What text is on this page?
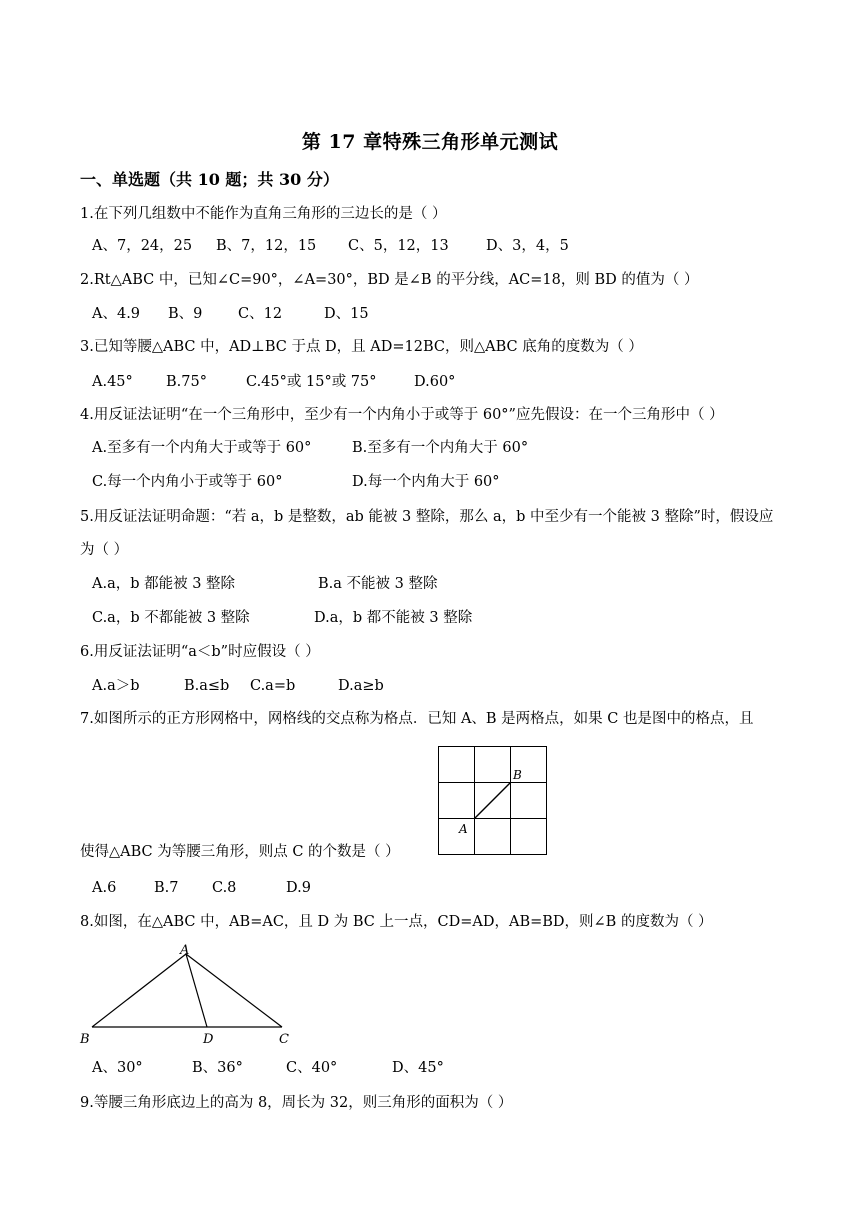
第 17 章特殊三角形单元测试
一、单选题（共 10 题；共 30 分）
1.在下列几组数中不能作为直角三角形的三边长的是（ ）
A、7，24，25 B、7，12，15 C、5，12，13	D、3，4，5
2.Rt△ABC 中，已知∠C=90°，∠A=30°，BD 是∠B 的平分线，AC=18，则 BD 的值为（ ）
A、4.9 B、9 C、12	D、15
3.已知等腰△ABC 中，AD⊥BC 于点 D，且 AD=12BC，则△ABC 底角的度数为（ ）
A.45° B.75°	C.45°或 15°或 75°	D.60°
4.用反证法证明“在一个三角形中，至少有一个内角小于或等于 60°”应先假设：在一个三角形中（ ）
A.至多有一个内角大于或等于 60°	B.至多有一个内角大于 60°
C.每一个内角小于或等于 60°	D.每一个内角大于 60°
5.用反证法证明命题：“若 a，b 是整数，ab 能被 3 整除，那么 a，b 中至少有一个能被 3 整除”时，假设应
为（ ）
A.a，b 都能被 3 整除	B.a 不能被 3 整除
C.a，b 不都能被 3 整除	D.a，b 都不能被 3 整除
6.用反证法证明“a＜b”时应假设（ ）
A.a＞b	B.a≤b C.a=b	D.a≥b
7.如图所示的正方形网格中，网格线的交点称为格点．已知 A、B 是两格点，如果 C 也是图中的格点，且
B
A
使得△ABC 为等腰三角形，则点 C 的个数是（ ）
A.6	B.7 C.8	D.9
8.如图，在△ABC 中，AB=AC，且 D 为 BC 上一点，CD=AD，AB=BD，则∠B 的度数为（ ）
A
B	D	C
A、30°	B、36°	C、40°	D、45°
9.等腰三角形底边上的高为 8，周长为 32，则三角形的面积为（ ）
